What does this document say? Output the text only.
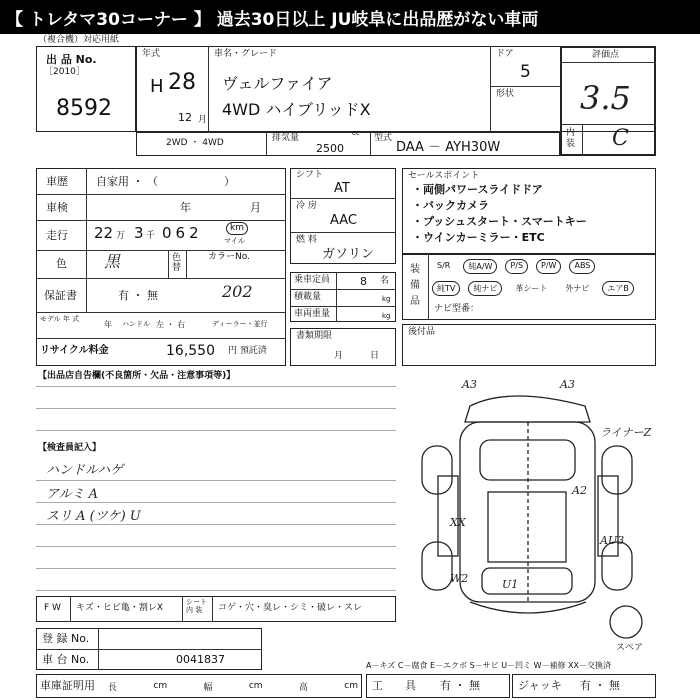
【 トレタマ30コーナー 】 過去30日以上 JU岐阜に出品歴がない車両
（複合機）対応用紙
出 品 No.
［2010］
8592
年式
H 28
12 月
車名・グレード
ヴェルファイア
4WD ハイブリッドX
ドア
5
形状
評価点
3.5
内 装 C
2WD ・ 4WD	排気量	cc
2500
型式
DAA － AYH30W
車歴	自家用 ・ （　　　　　　）
車検	年	月
走行 22 万 3 千 062	km
マイル
色 黒	色替
カラーNo.
保証書	有 ・ 無	202
モデル 年 式
年 ハンドル 左 ・ 右	ディーラー・並行
リサイクル料金	16,550 円 預託済
シフト
AT
冷 房
AAC
燃 料
ガソリン
乗車定員	8 名
積載量	kg
車両重量	kg
書類期限
月　　　日
セールスポイント
・両側パワースライドドア
・バックカメラ
・プッシュスタート・スマートキー
・ウインカーミラー・ETC
装 備 品
S/R	純A/W	P/S	P/W	ABS
純TV	純ナビ	革シート	外ナビ	エアB
ナビ型番：
後付品
【出品店自告欄(不良箇所・欠品・注意事項等)】
【検査員記入】
ハンドルハゲ
アルミ A
スリ A (ツケ) U
A3	A3
ライナーZ
A2
XX
AU3
W2	U1
スペア
F W キズ・ヒビ亀・割レX
シート 内 装	コゲ・穴・臭レ・シミ・破レ・スレ
登 録 No.
車 台 No.	0041837
車庫証明用 長	cm	幅	cm	高	cm
A－キズ C－腐食 E－エクボ S－サビ U－凹ミ W－補修 XX－交換済
工　　具 有 ・ 無	ジャッキ 有 ・ 無
